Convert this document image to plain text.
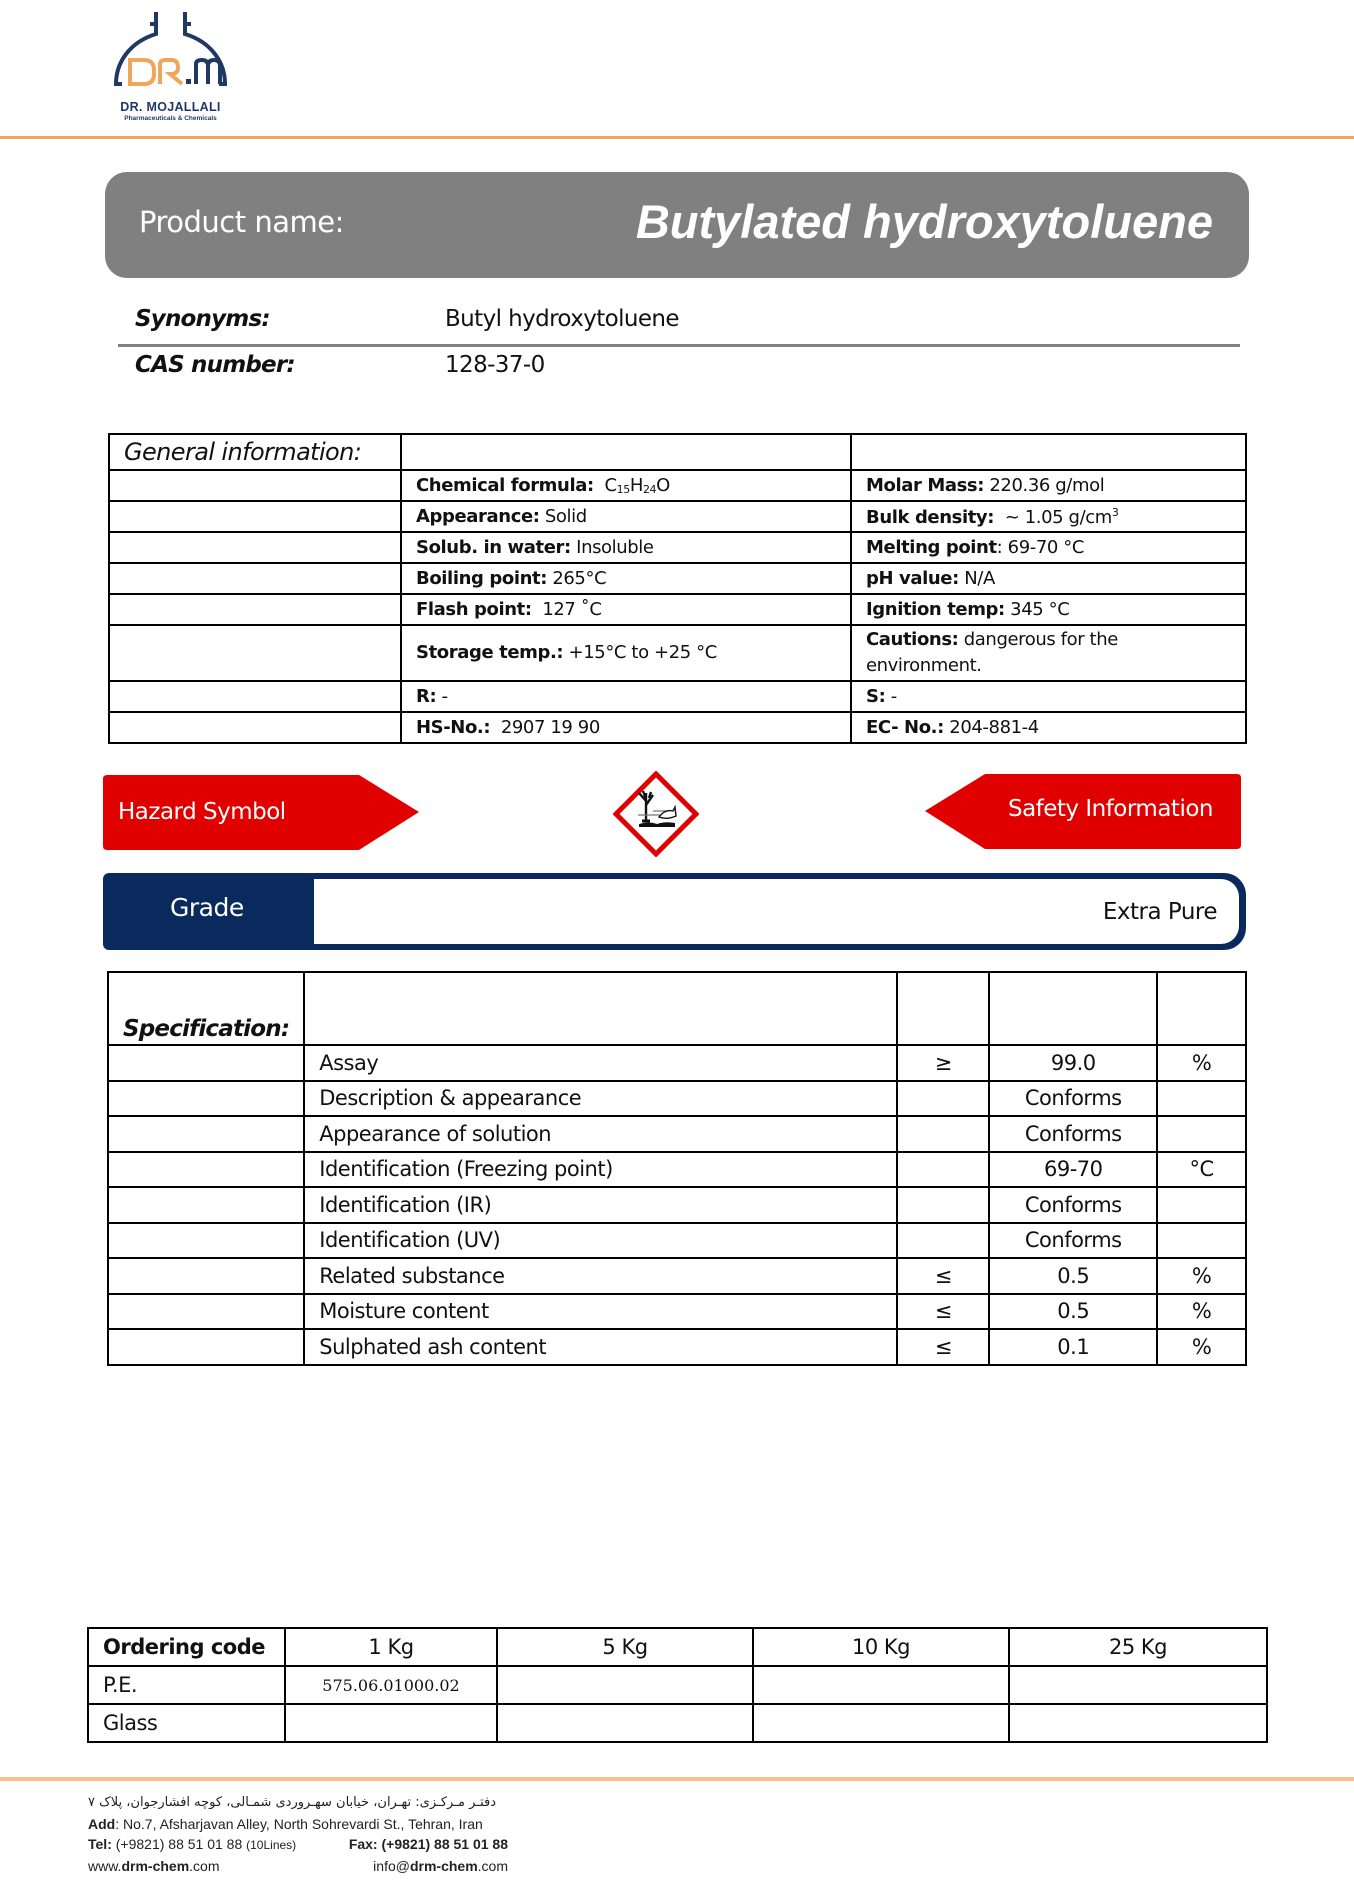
DR. MOJALLALI
Pharmaceuticals & Chemicals
Product name:	Butylated hydroxytoluene
Synonyms:	Butyl hydroxytoluene
CAS number:	128-37-0
General information:		
	Chemical formula: $C_{15}H_{24}O$	Molar Mass: 220.36 g/mol
	Appearance: Solid	Bulk density: ~ 1.05 $g/cm^3$
	Solub. in water: Insoluble	Melting point: 69-70 °C
	Boiling point: 265°C	pH value: N/A
	Flash point: 127 ˚C	Ignition temp: 345 °C
	Storage temp.: +15°C to +25 °C	Cautions: dangerous for the environment.
	R: -	S: -
	HS-No.: 2907 19 90	EC- No.: 204-881-4
Hazard Symbol	Safety Information
Grade	Extra Pure
Specification:				
	Assay	≥	99.0	%
	Description & appearance		Conforms	
	Appearance of solution		Conforms	
	Identification (Freezing point)		69-70	°C
	Identification (IR)		Conforms	
	Identification (UV)		Conforms	
	Related substance	≤	0.5	%
	Moisture content	≤	0.5	%
	Sulphated ash content	≤	0.1	%
Ordering code	1 Kg	5 Kg	10 Kg	25 Kg
P.E.	575.06.01000.02			
Glass				
دفتـر مـركـزی: تهـران، خیابان سهـروردی شمـالی، كوچه افشارجوان، پلاک ۷
Add: No.7, Afsharjavan Alley, North Sohrevardi St., Tehran, Iran
Tel: (+9821) 88 51 01 88 (10Lines)	Fax: (+9821) 88 51 01 88
www.drm-chem.com	info@drm-chem.com
